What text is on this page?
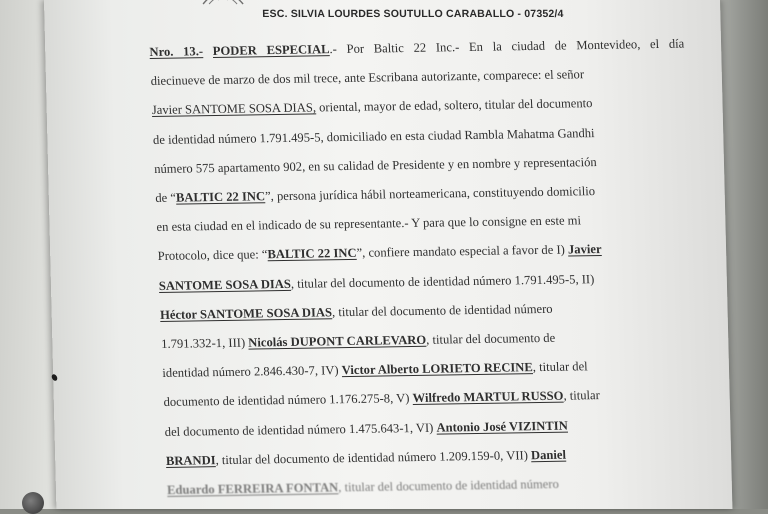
ESC. SILVIA LOURDES SOUTULLO CARABALLO - 07352/4
Nro. 13.- PODER ESPECIAL.- Por Baltic 22 Inc.- En la ciudad de Montevideo, el día
diecinueve de marzo de dos mil trece, ante Escribana autorizante, comparece: el señor
Javier SANTOME SOSA DIAS, oriental, mayor de edad, soltero, titular del documento
de identidad número 1.791.495-5, domiciliado en esta ciudad Rambla Mahatma Gandhi
número 575 apartamento 902, en su calidad de Presidente y en nombre y representación
de “BALTIC 22 INC”, persona jurídica hábil norteamericana, constituyendo domicilio
en esta ciudad en el indicado de su representante.- Y para que lo consigne en este mi
Protocolo, dice que: “BALTIC 22 INC”, confiere mandato especial a favor de I) Javier
SANTOME SOSA DIAS, titular del documento de identidad número 1.791.495-5, II)
Héctor SANTOME SOSA DIAS, titular del documento de identidad número
1.791.332-1, III) Nicolás DUPONT CARLEVARO, titular del documento de
identidad número 2.846.430-7, IV) Victor Alberto LORIETO RECINE, titular del
documento de identidad número 1.176.275-8, V) Wilfredo MARTUL RUSSO, titular
del documento de identidad número 1.475.643-1, VI) Antonio José VIZINTIN
BRANDI, titular del documento de identidad número 1.209.159-0, VII) Daniel
Eduardo FERREIRA FONTAN, titular del documento de identidad número
